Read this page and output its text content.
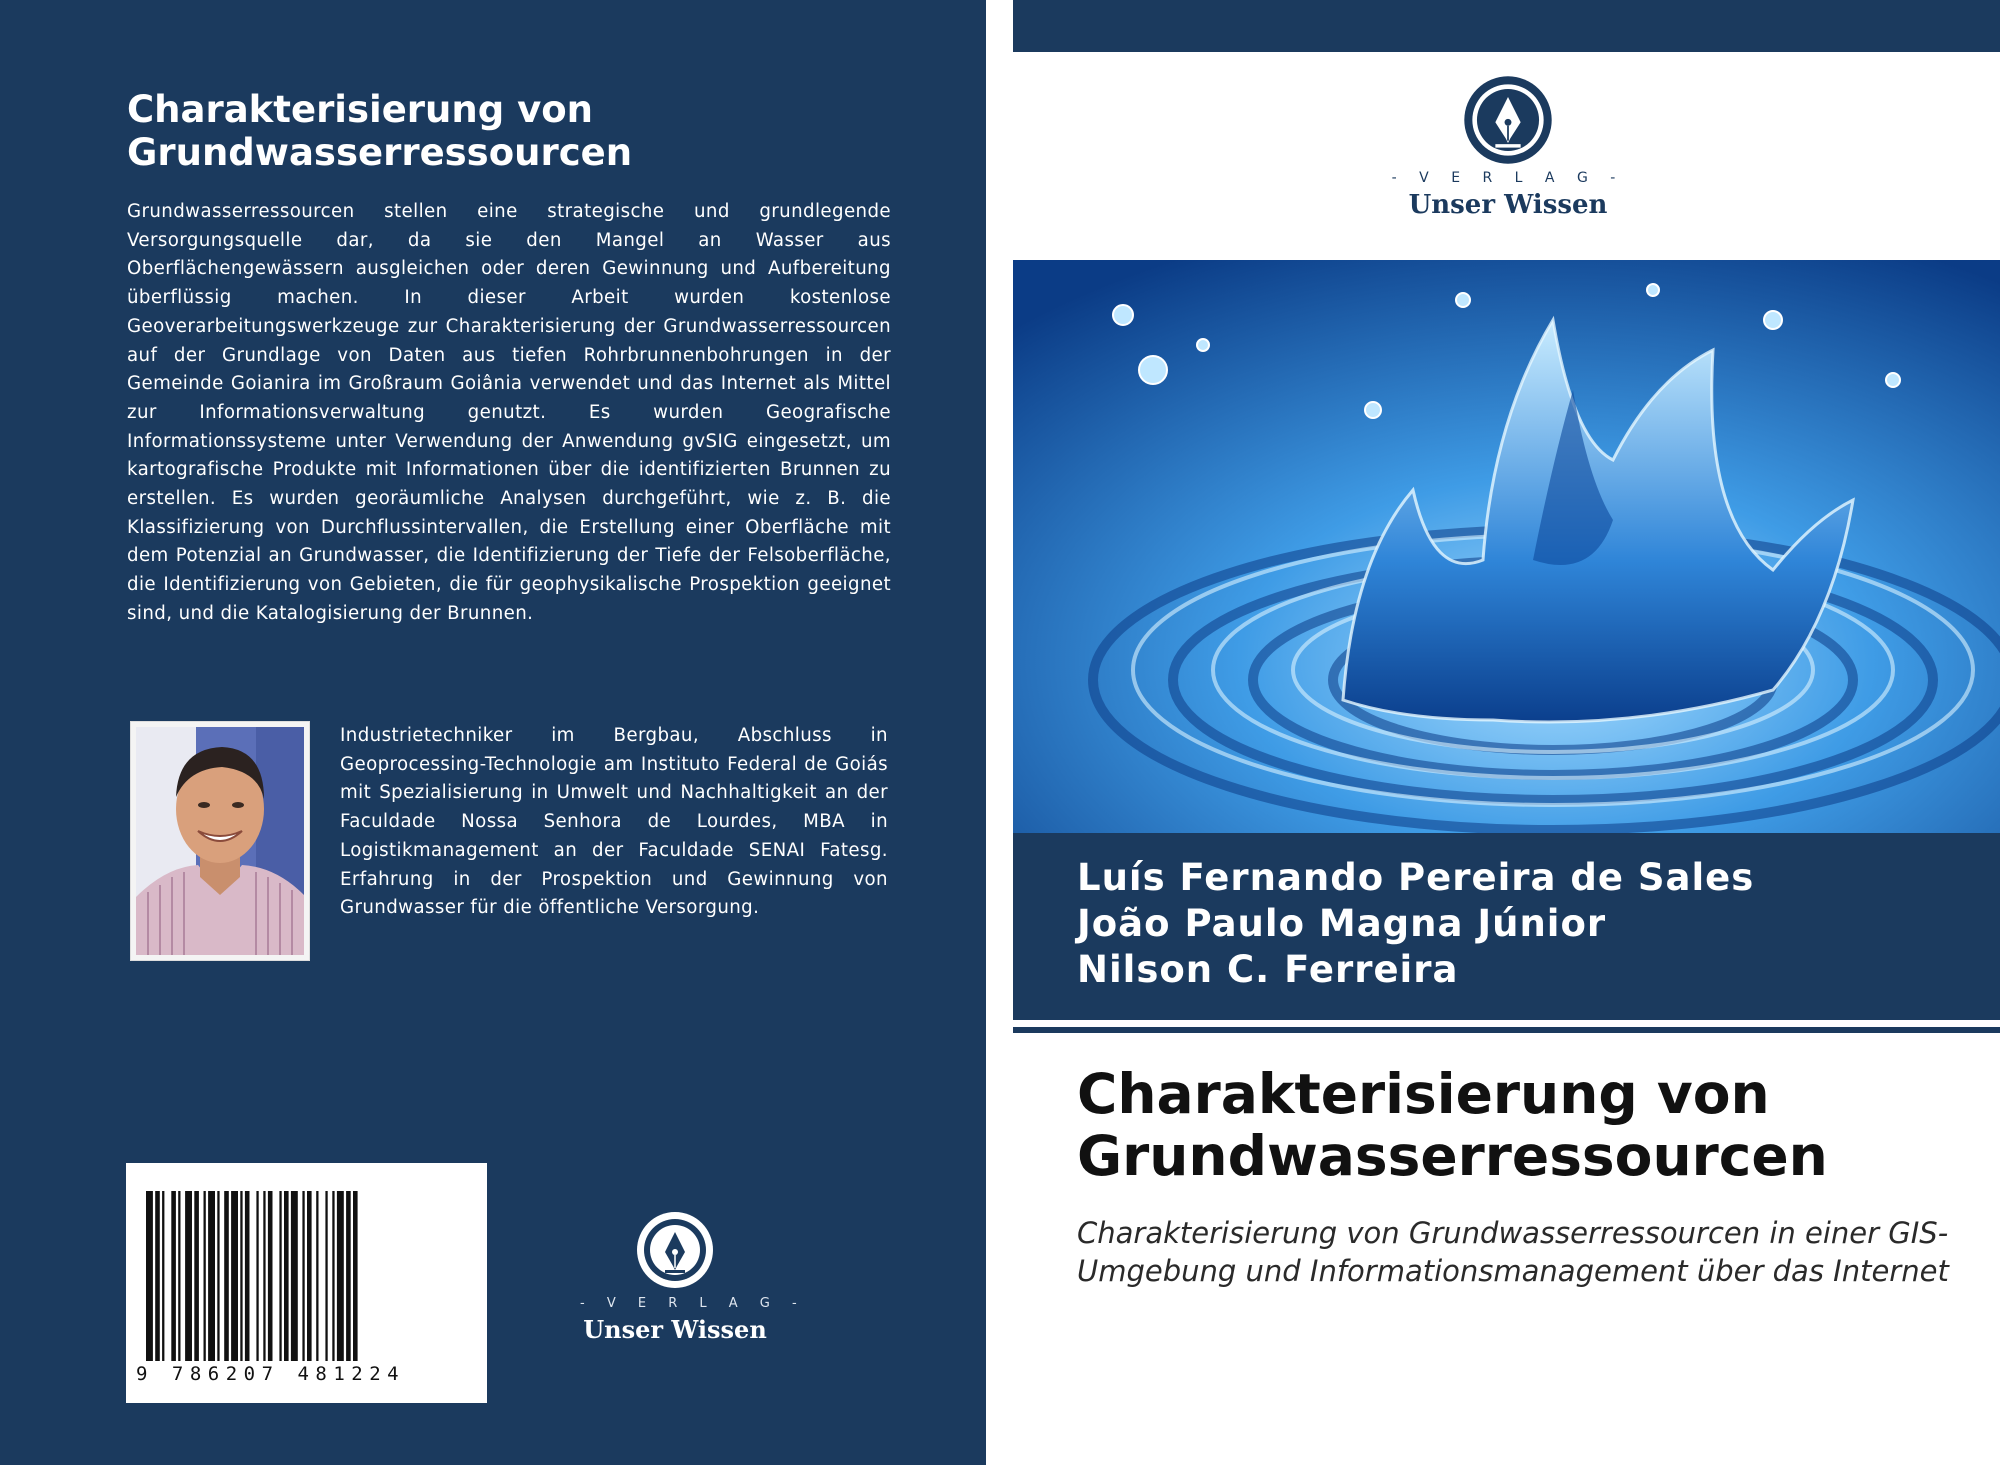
Charakterisierung von
Grundwasserressourcen

Grundwasserressourcen stellen eine strategische und grundlegende Versorgungsquelle dar, da sie den Mangel an Wasser aus Oberflächengewässern ausgleichen oder deren Gewinnung und Aufbereitung überflüssig machen. In dieser Arbeit wurden kostenlose Geoverarbeitungswerkzeuge zur Charakterisierung der Grundwasserressourcen auf der Grundlage von Daten aus tiefen Rohrbrunnenbohrungen in der Gemeinde Goianira im Großraum Goiânia verwendet und das Internet als Mittel zur Informationsverwaltung genutzt. Es wurden Geografische Informationssysteme unter Verwendung der Anwendung gvSIG eingesetzt, um kartografische Produkte mit Informationen über die identifizierten Brunnen zu erstellen. Es wurden georäumliche Analysen durchgeführt, wie z. B. die Klassifizierung von Durchflussintervallen, die Erstellung einer Oberfläche mit dem Potenzial an Grundwasser, die Identifizierung der Tiefe der Felsoberfläche, die Identifizierung von Gebieten, die für geophysikalische Prospektion geeignet sind, und die Katalogisierung der Brunnen.

Industrietechniker im Bergbau, Abschluss in Geoprocessing-Technologie am Instituto Federal de Goiás mit Spezialisierung in Umwelt und Nachhaltigkeit an der Faculdade Nossa Senhora de Lourdes, MBA in Logistikmanagement an der Faculdade SENAI Fatesg. Erfahrung in der Prospektion und Gewinnung von Grundwasser für die öffentliche Versorgung.

9 786207 481224
- V E R L A G -
Unser Wissen
- V E R L A G -
Unser Wissen
Luís Fernando Pereira de Sales
João Paulo Magna Júnior
Nilson C. Ferreira
Charakterisierung von
Grundwasserressourcen

Charakterisierung von Grundwasserressourcen in einer GIS-Umgebung und Informationsmanagement über das Internet
